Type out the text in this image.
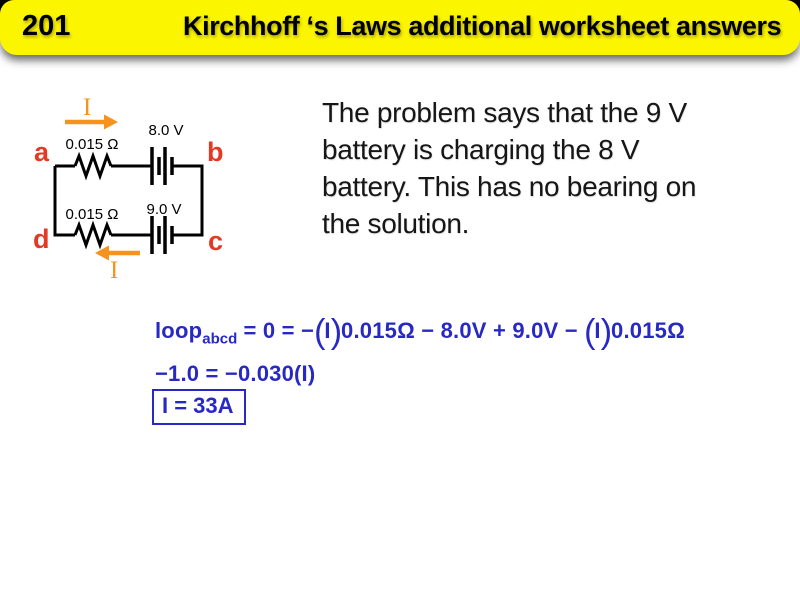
201	Kirchhoff ‘s Laws additional worksheet answers
The problem says that the 9 V
battery is charging the 8 V
battery. This has no bearing on
the solution.
I
I
0.015 Ω
8.0 V
0.015 Ω 9.0 V
a	b
d	c
loop$_{abcd}$ = 0 = −(I)0.015Ω − 8.0V + 9.0V − (I)0.015Ω
−1.0 = −0.030(I)
I = 33A
